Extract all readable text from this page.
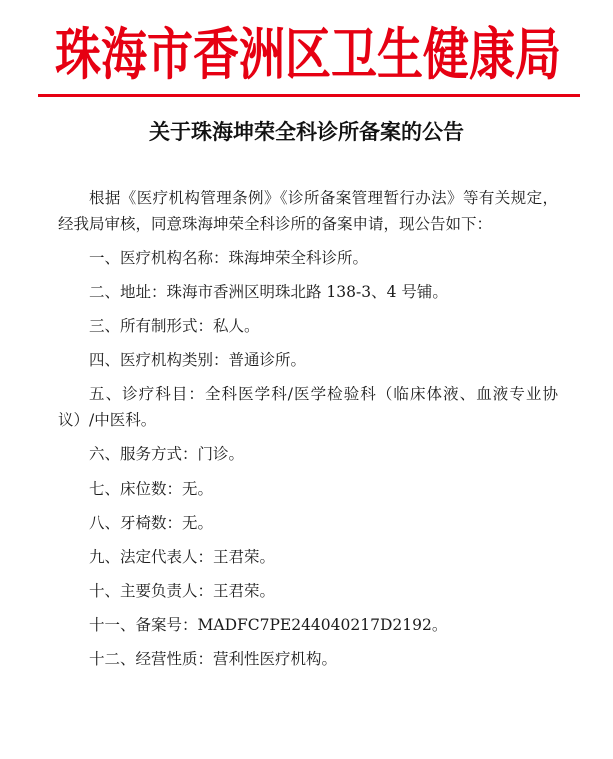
珠海市香洲区卫生健康局
关于珠海坤荣全科诊所备案的公告

根据《医疗机构管理条例》《诊所备案管理暂行办法》等有关规定，经我局审核，同意珠海坤荣全科诊所的备案申请，现公告如下：

一、医疗机构名称：珠海坤荣全科诊所。

二、地址：珠海市香洲区明珠北路 138-3、4 号铺。

三、所有制形式：私人。

四、医疗机构类别：普通诊所。

五、诊疗科目：全科医学科/医学检验科（临床体液、血液专业协议）/中医科。

六、服务方式：门诊。

七、床位数：无。

八、牙椅数：无。

九、法定代表人：王君荣。

十、主要负责人：王君荣。

十一、备案号：MADFC7PE244040217D2192。

十二、经营性质：营利性医疗机构。
